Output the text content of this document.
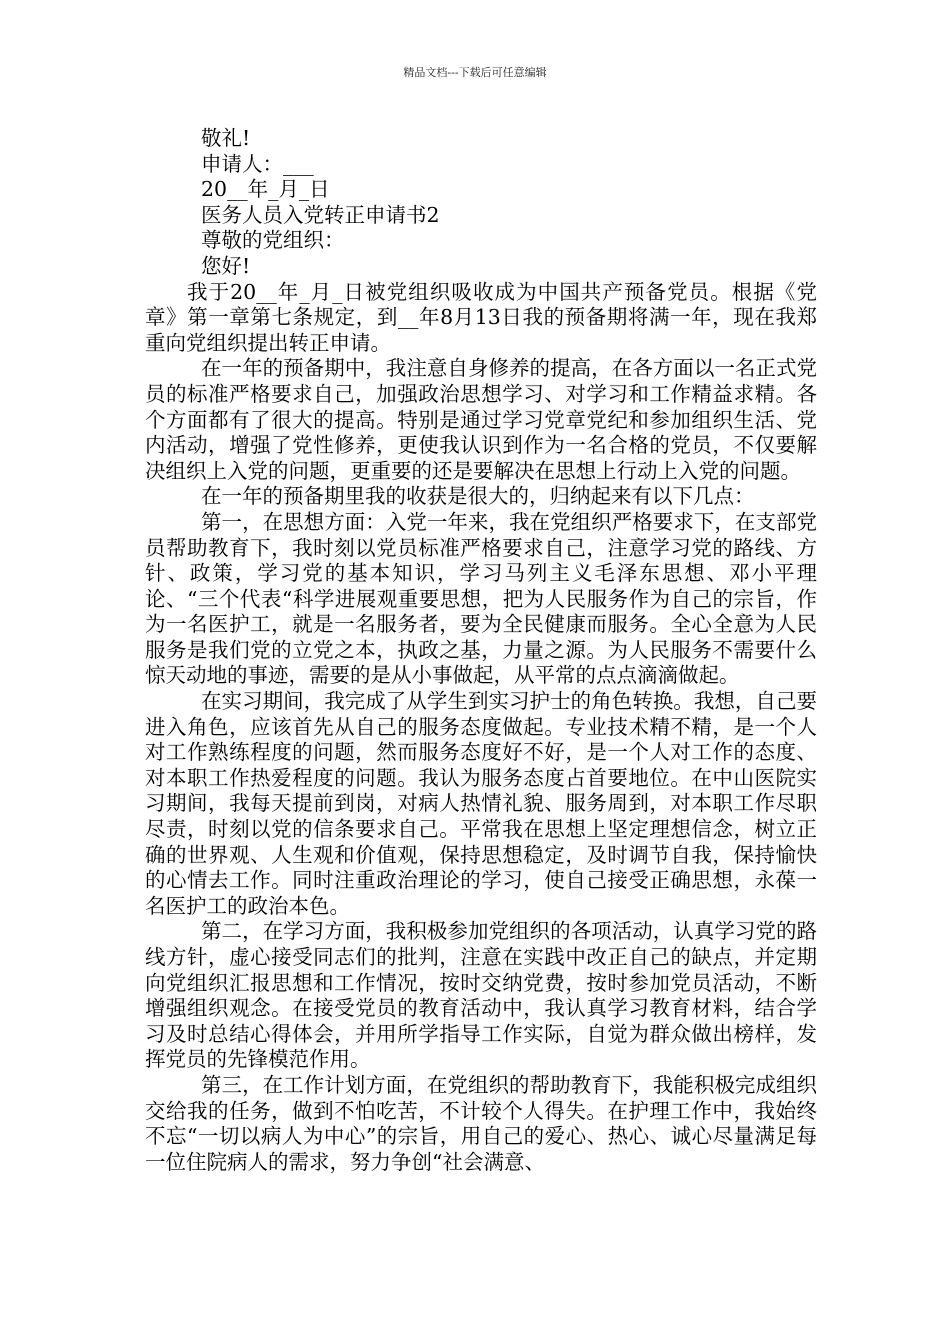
精品文档---下载后可任意编辑

敬礼!

申请人：___

20__年_月_日

医务人员入党转正申请书2

尊敬的党组织：

您好!

我于20__年_月_日被党组织吸收成为中国共产预备党员。根据《党章》第一章第七条规定，到__年8月13日我的预备期将满一年，现在我郑重向党组织提出转正申请。

在一年的预备期中，我注意自身修养的提高，在各方面以一名正式党员的标准严格要求自己，加强政治思想学习、对学习和工作精益求精。各个方面都有了很大的提高。特别是通过学习党章党纪和参加组织生活、党内活动，增强了党性修养，更使我认识到作为一名合格的党员，不仅要解决组织上入党的问题，更重要的还是要解决在思想上行动上入党的问题。

在一年的预备期里我的收获是很大的，归纳起来有以下几点：

第一，在思想方面：入党一年来，我在党组织严格要求下，在支部党员帮助教育下，我时刻以党员标准严格要求自己，注意学习党的路线、方针、政策，学习党的基本知识，学习马列主义毛泽东思想、邓小平理论、“三个代表“科学进展观重要思想，把为人民服务作为自己的宗旨，作为一名医护工，就是一名服务者，要为全民健康而服务。全心全意为人民服务是我们党的立党之本，执政之基，力量之源。为人民服务不需要什么惊天动地的事迹，需要的是从小事做起，从平常的点点滴滴做起。

在实习期间，我完成了从学生到实习护士的角色转换。我想，自己要进入角色，应该首先从自己的服务态度做起。专业技术精不精，是一个人对工作熟练程度的问题，然而服务态度好不好，是一个人对工作的态度、对本职工作热爱程度的问题。我认为服务态度占首要地位。在中山医院实习期间，我每天提前到岗，对病人热情礼貌、服务周到，对本职工作尽职尽责，时刻以党的信条要求自己。平常我在思想上坚定理想信念，树立正确的世界观、人生观和价值观，保持思想稳定，及时调节自我，保持愉快的心情去工作。同时注重政治理论的学习，使自己接受正确思想，永葆一名医护工的政治本色。

第二，在学习方面，我积极参加党组织的各项活动，认真学习党的路线方针，虚心接受同志们的批判，注意在实践中改正自己的缺点，并定期向党组织汇报思想和工作情况，按时交纳党费，按时参加党员活动，不断增强组织观念。在接受党员的教育活动中，我认真学习教育材料，结合学习及时总结心得体会，并用所学指导工作实际，自觉为群众做出榜样，发挥党员的先锋模范作用。

第三，在工作计划方面，在党组织的帮助教育下，我能积极完成组织交给我的任务，做到不怕吃苦，不计较个人得失。在护理工作中，我始终不忘“一切以病人为中心”的宗旨，用自己的爱心、热心、诚心尽量满足每一位住院病人的需求，努力争创“社会满意、
